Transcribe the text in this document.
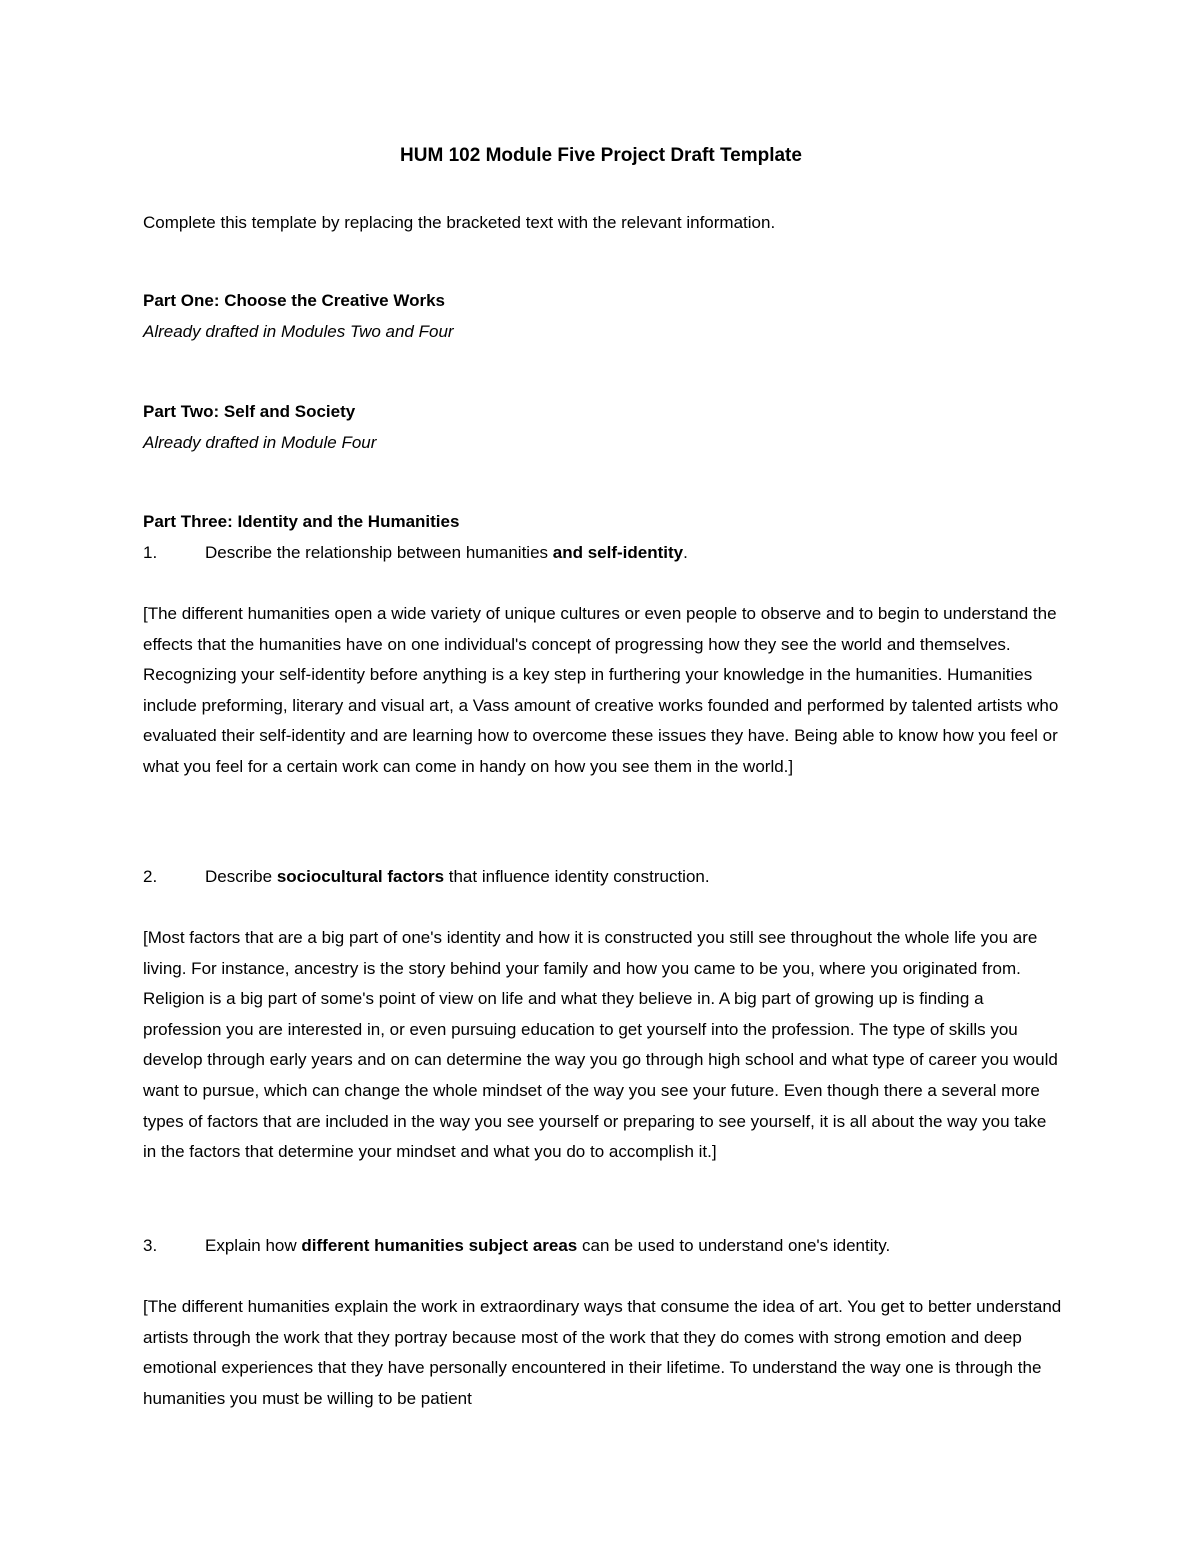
HUM 102 Module Five Project Draft Template
Complete this template by replacing the bracketed text with the relevant information.
Part One: Choose the Creative Works
Already drafted in Modules Two and Four
Part Two: Self and Society
Already drafted in Module Four
Part Three: Identity and the Humanities
1.	Describe the relationship between humanities and self-identity.
[The different humanities open a wide variety of unique cultures or even people to observe and to begin to understand the effects that the humanities have on one individual's concept of progressing how they see the world and themselves. Recognizing your self-identity before anything is a key step in furthering your knowledge in the humanities. Humanities include preforming, literary and visual art, a Vass amount of creative works founded and performed by talented artists who evaluated their self-identity and are learning how to overcome these issues they have. Being able to know how you feel or what you feel for a certain work can come in handy on how you see them in the world.]
2.	Describe sociocultural factors that influence identity construction.
[Most factors that are a big part of one's identity and how it is constructed you still see throughout the whole life you are living. For instance, ancestry is the story behind your family and how you came to be you, where you originated from. Religion is a big part of some's point of view on life and what they believe in. A big part of growing up is finding a profession you are interested in, or even pursuing education to get yourself into the profession. The type of skills you develop through early years and on can determine the way you go through high school and what type of career you would want to pursue, which can change the whole mindset of the way you see your future. Even though there a several more types of factors that are included in the way you see yourself or preparing to see yourself, it is all about the way you take in the factors that determine your mindset and what you do to accomplish it.]
3.	Explain how different humanities subject areas can be used to understand one's identity.
[The different humanities explain the work in extraordinary ways that consume the idea of art. You get to better understand artists through the work that they portray because most of the work that they do comes with strong emotion and deep emotional experiences that they have personally encountered in their lifetime. To understand the way one is through the humanities you must be willing to be patient
